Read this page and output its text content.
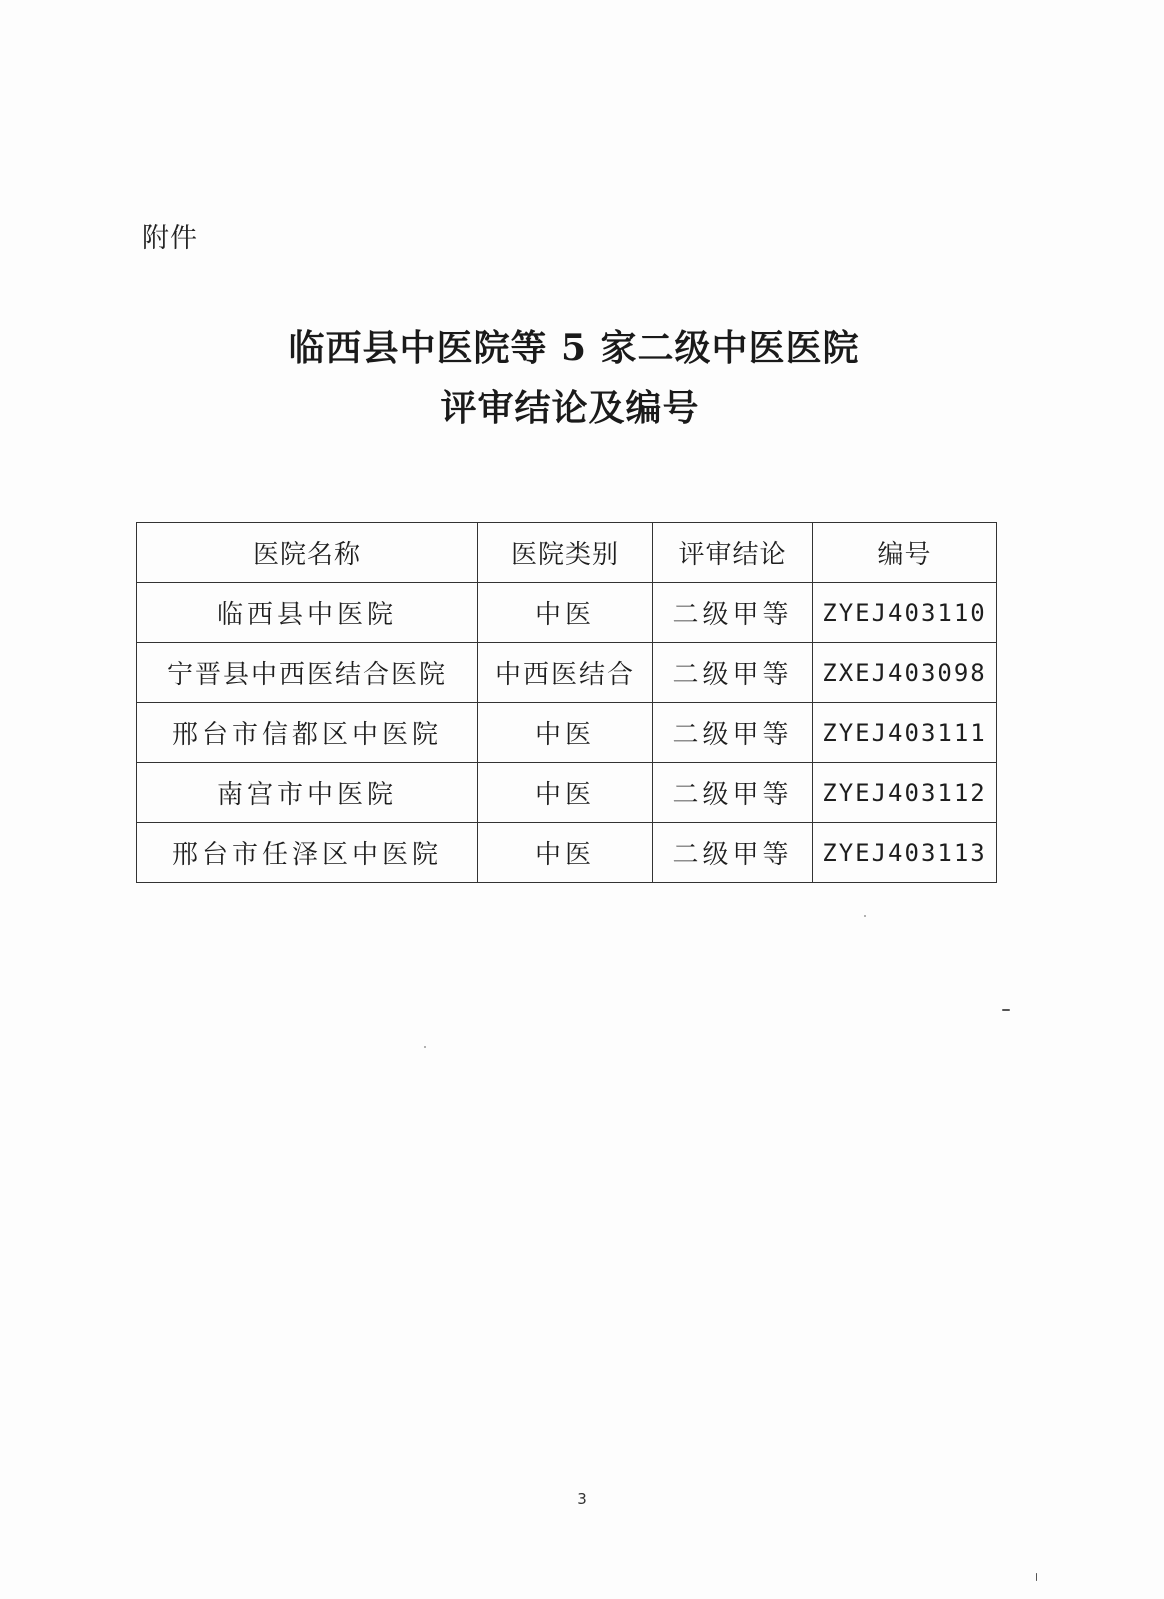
附件
临西县中医院等 5 家二级中医医院
评审结论及编号
医院名称	医院类别	评审结论	编号
临西县中医院	中医	二级甲等	ZYEJ403110
宁晋县中西医结合医院	中西医结合	二级甲等	ZXEJ403098
邢台市信都区中医院	中医	二级甲等	ZYEJ403111
南宫市中医院	中医	二级甲等	ZYEJ403112
邢台市任泽区中医院	中医	二级甲等	ZYEJ403113
3
